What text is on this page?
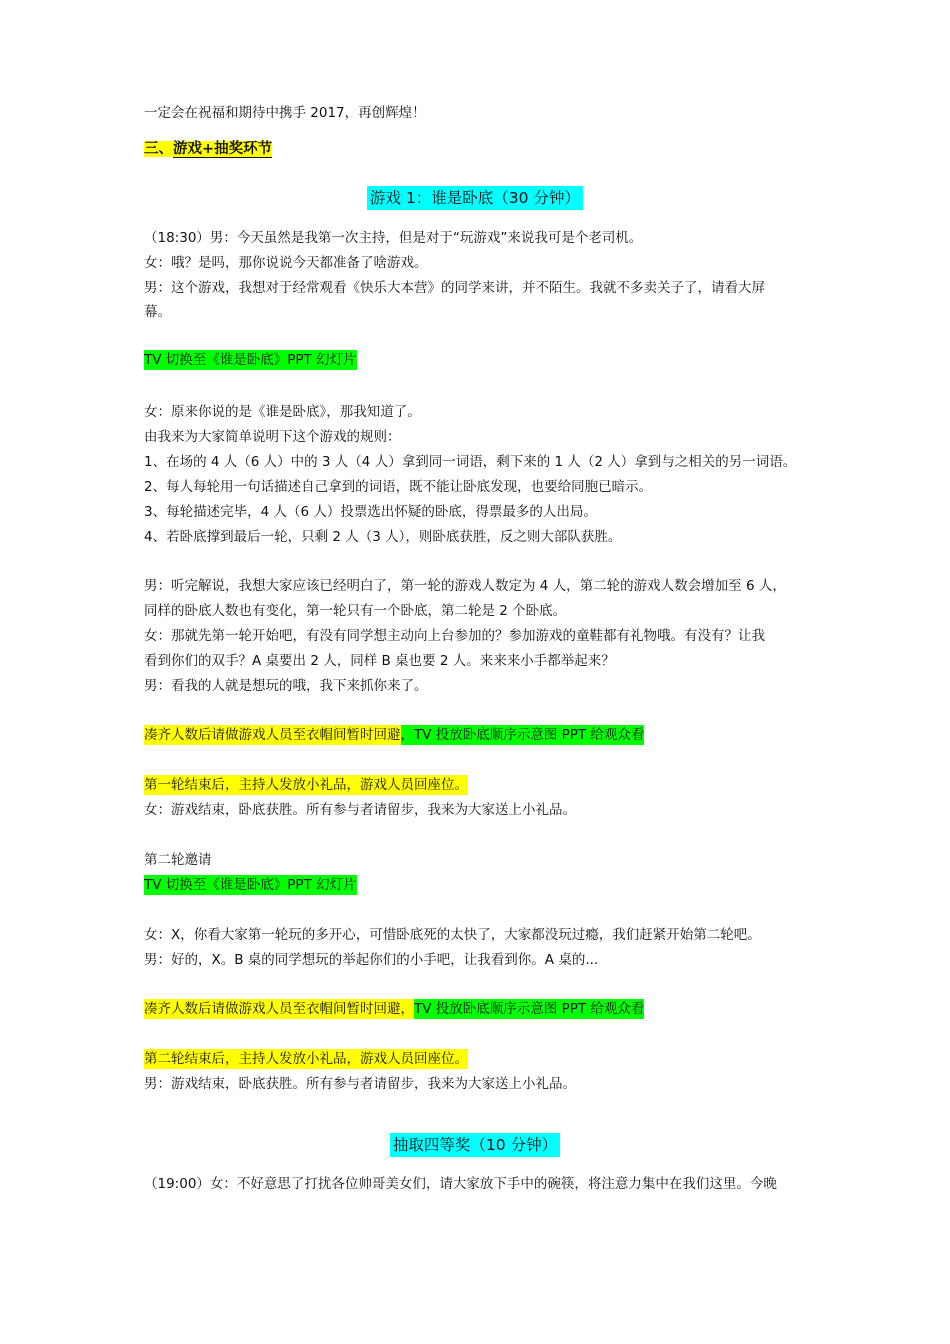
一定会在祝福和期待中携手 2017，再创辉煌！
三、游戏+抽奖环节
游戏 1：谁是卧底（30 分钟）
（18:30）男：今天虽然是我第一次主持，但是对于“玩游戏”来说我可是个老司机。
女：哦？是吗，那你说说今天都准备了啥游戏。
男：这个游戏，我想对于经常观看《快乐大本营》的同学来讲，并不陌生。我就不多卖关子了，请看大屏
幕。
TV 切换至《谁是卧底》PPT 幻灯片
女：原来你说的是《谁是卧底》，那我知道了。
由我来为大家简单说明下这个游戏的规则：
1、在场的 4 人（6 人）中的 3 人（4 人）拿到同一词语，剩下来的 1 人（2 人）拿到与之相关的另一词语。
2、每人每轮用一句话描述自己拿到的词语，既不能让卧底发现，也要给同胞已暗示。
3、每轮描述完毕，4 人（6 人）投票选出怀疑的卧底，得票最多的人出局。
4、若卧底撑到最后一轮，只剩 2 人（3 人），则卧底获胜，反之则大部队获胜。
男：听完解说，我想大家应该已经明白了，第一轮的游戏人数定为 4 人，第二轮的游戏人数会增加至 6 人，
同样的卧底人数也有变化，第一轮只有一个卧底，第二轮是 2 个卧底。
女：那就先第一轮开始吧，有没有同学想主动向上台参加的？参加游戏的童鞋都有礼物哦。有没有？让我
看到你们的双手？A 桌要出 2 人，同样 B 桌也要 2 人。来来来小手都举起来？
男：看我的人就是想玩的哦，我下来抓你来了。
凑齐人数后请做游戏人员至衣帽间暂时回避，TV 投放卧底顺序示意图 PPT 给观众看
第一轮结束后，主持人发放小礼品，游戏人员回座位。
女：游戏结束，卧底获胜。所有参与者请留步，我来为大家送上小礼品。
第二轮邀请
TV 切换至《谁是卧底》PPT 幻灯片
女：X，你看大家第一轮玩的多开心，可惜卧底死的太快了，大家都没玩过瘾，我们赶紧开始第二轮吧。
男：好的，X。B 桌的同学想玩的举起你们的小手吧，让我看到你。A 桌的...
凑齐人数后请做游戏人员至衣帽间暂时回避，TV 投放卧底顺序示意图 PPT 给观众看
第二轮结束后，主持人发放小礼品，游戏人员回座位。
男：游戏结束，卧底获胜。所有参与者请留步，我来为大家送上小礼品。
抽取四等奖（10 分钟）
（19:00）女：不好意思了打扰各位帅哥美女们，请大家放下手中的碗筷，将注意力集中在我们这里。今晚
